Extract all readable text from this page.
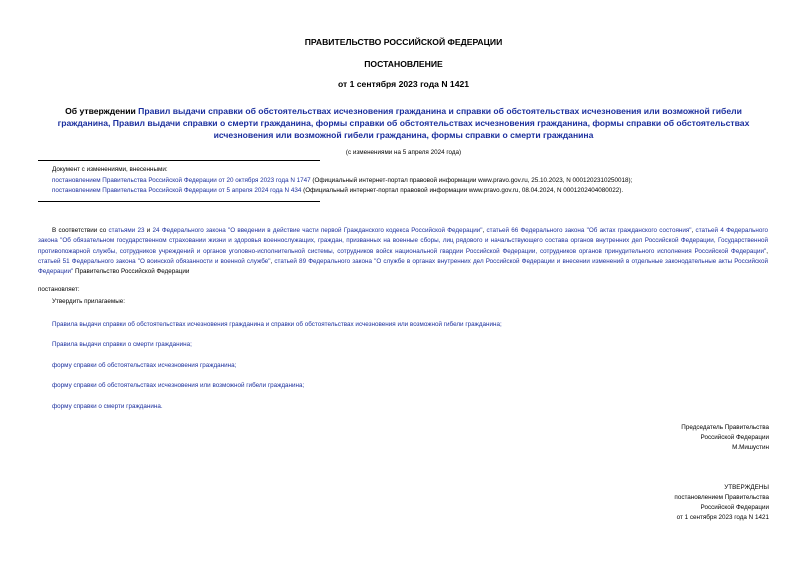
ПРАВИТЕЛЬСТВО РОССИЙСКОЙ ФЕДЕРАЦИИ
ПОСТАНОВЛЕНИЕ
от 1 сентября 2023 года N 1421
Об утверждении Правил выдачи справки об обстоятельствах исчезновения гражданина и справки об обстоятельствах исчезновения или возможной гибели гражданина, Правил выдачи справки о смерти гражданина, формы справки об обстоятельствах исчезновения гражданина, формы справки об обстоятельствах исчезновения или возможной гибели гражданина, формы справки о смерти гражданина
(с изменениями на 5 апреля 2024 года)
Документ с изменениями, внесенными:
постановлением Правительства Российской Федерации от 20 октября 2023 года N 1747 (Официальный интернет-портал правовой информации www.pravo.gov.ru, 25.10.2023, N 0001202310250018);
постановлением Правительства Российской Федерации от 5 апреля 2024 года N 434 (Официальный интернет-портал правовой информации www.pravo.gov.ru, 08.04.2024, N 0001202404080022).
В соответствии со статьями 23 и 24 Федерального закона "О введении в действие части первой Гражданского кодекса Российской Федерации", статьей 66 Федерального закона "Об актах гражданского состояния", статьей 4 Федерального закона "Об обязательном государственном страховании жизни и здоровья военнослужащих, граждан, призванных на военные сборы, лиц рядового и начальствующего состава органов внутренних дел Российской Федерации, Государственной противопожарной службы, сотрудников учреждений и органов уголовно-исполнительной системы, сотрудников войск национальной гвардии Российской Федерации, сотрудников органов принудительного исполнения Российской Федерации", статьей 51 Федерального закона "О воинской обязанности и военной службе", статьей 89 Федерального закона "О службе в органах внутренних дел Российской Федерации и внесении изменений в отдельные законодательные акты Российской Федерации" Правительство Российской Федерации
постановляет:
Утвердить прилагаемые:
Правила выдачи справки об обстоятельствах исчезновения гражданина и справки об обстоятельствах исчезновения или возможной гибели гражданина;
Правила выдачи справки о смерти гражданина;
форму справки об обстоятельствах исчезновения гражданина;
форму справки об обстоятельствах исчезновения или возможной гибели гражданина;
форму справки о смерти гражданина.
Председатель Правительства
Российской Федерации
М.Мишустин
УТВЕРЖДЕНЫ
постановлением Правительства
Российской Федерации
от 1 сентября 2023 года N 1421
